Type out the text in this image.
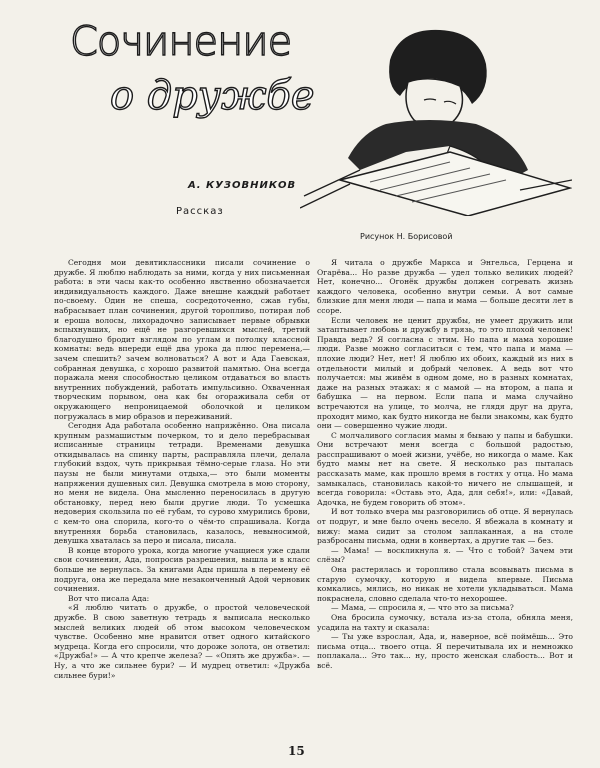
Сочинение
о дружбе

А. КУЗОВНИКОВ

Рассказ

Рисунок Н. Борисовой

Сегодня мои девятиклассники писали сочинение о дружбе. Я люблю наблюдать за ними, когда у них письменная работа: в эти часы как-то особенно явственно обозначается индивидуальность каждого. Даже внешне каждый работает по-своему. Один не спеша, сосредоточенно, сжав губы, набрасывает план сочинения, другой торопливо, потирая лоб и ероша волосы, лихорадочно записывает первые обрывки вспыхнувших, но ещё не разгоревшихся мыслей, третий благодушно бродит взглядом по углам и потолку классной комнаты: ведь впереди ещё два урока да плюс перемена,— зачем спешить? зачем волноваться? А вот и Ада Гаевская, собранная девушка, с хорошо развитой памятью. Она всегда поражала меня способностью целиком отдаваться во власть внутренних побуждений, работать импульсивно. Охваченная творческим порывом, она как бы огораживала себя от окружающего непроницаемой оболочкой и целиком погружалась в мир образов и переживаний.

Сегодня Ада работала особенно напряжённо. Она писала крупным размашистым почерком, то и дело перебрасывая исписанные страницы тетради. Временами девушка откидывалась на спинку парты, расправляла плечи, делала глубокий вздох, чуть прикрывая тёмно-серые глаза. Но эти паузы не были минутами отдыха,— это были моменты напряжения душевных сил. Девушка смотрела в мою сторону, но меня не видела. Она мысленно переносилась в другую обстановку, перед нею были другие люди. То усмешка недоверия скользила по её губам, то сурово хмурились брови, с кем-то она спорила, кого-то о чём-то спрашивала. Когда внутренняя борьба становилась, казалось, невыносимой, девушка хваталась за перо и писала, писала.

В конце второго урока, когда многие учащиеся уже сдали свои сочинения, Ада, попросив разрешения, вышла и в класс больше не вернулась. За книгами Ады пришла в перемену её подруга, она же передала мне незаконченный Адой черновик сочинения.

Вот что писала Ада:

«Я люблю читать о дружбе, о простой человеческой дружбе. В свою заветную тетрадь я выписала несколько мыслей великих людей об этом высоком человеческом чувстве. Особенно мне нравится ответ одного китайского мудреца. Когда его спросили, что дороже золота, он ответил: «Дружба!» — А что крепче железа? — «Опять же дружба». — Ну, а что же сильнее бури? — И мудрец ответил: «Дружба сильнее бури!»

Я читала о дружбе Маркса и Энгельса, Герцена и Огарёва... Но разве дружба — удел только великих людей? Нет, конечно... Огонёк дружбы должен согревать жизнь каждого человека, особенно внутри семьи. А вот самые близкие для меня люди — папа и мама — больше десяти лет в ссоре.

Если человек не ценит дружбы, не умеет дружить или затаптывает любовь и дружбу в грязь, то это плохой человек! Правда ведь? Я согласна с этим. Но папа и мама хорошие люди. Разве можно согласиться с тем, что папа и мама — плохие люди? Нет, нет! Я люблю их обоих, каждый из них в отдельности милый и добрый человек. А ведь вот что получается: мы живём в одном доме, но в разных комнатах, даже на разных этажах: я с мамой — на втором, а папа и бабушка — на первом. Если папа и мама случайно встречаются на улице, то молча, не глядя друг на друга, проходят мимо, как будто никогда не были знакомы, как будто они — совершенно чужие люди.

С молчаливого согласия мамы я бываю у папы и бабушки. Они встречают меня всегда с большой радостью, расспрашивают о моей жизни, учёбе, но никогда о маме. Как будто мамы нет на свете. Я несколько раз пыталась рассказать маме, как прошло время в гостях у отца. Но мама замыкалась, становилась какой-то ничего не слышащей, и всегда говорила: «Оставь это, Ада, для себя!», или: «Давай, Адочка, не будем говорить об этом».

И вот только вчера мы разговорились об отце. Я вернулась от подруг, и мне было очень весело. Я вбежала в комнату и вижу: мама сидит за столом заплаканная, а на столе разбросаны письма, одни в конвертах, а другие так — без.

— Мама! — воскликнула я. — Что с тобой? Зачем эти слёзы?

Она растерялась и торопливо стала всовывать письма в старую сумочку, которую я видела впервые. Письма комкались, мялись, но никак не хотели укладываться. Мама покраснела, словно сделала что-то нехорошее.

— Мама, — спросила я, — что это за письма?

Она бросила сумочку, встала из-за стола, обняла меня, усадила на тахту и сказала:

— Ты уже взрослая, Ада, и, наверное, всё поймёшь... Это письма отца... твоего отца. Я перечитывала их и немножко поплакала... Это так... ну, просто женская слабость... Вот и всё.

15
